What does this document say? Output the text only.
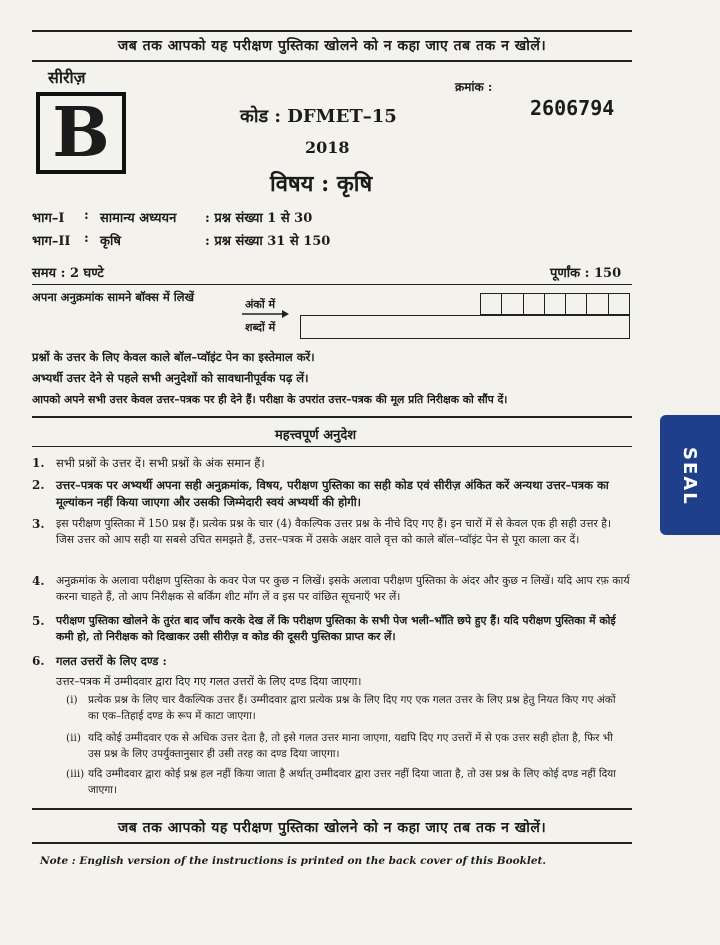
जब तक आपको यह परीक्षण पुस्तिका खोलने को न कहा जाए तब तक न खोलें।
सीरीज़
B
क्रमांक :
2606794
कोड : DFMET–15
2018
विषय : कृषि
भाग–I : सामान्य अध्ययन : प्रश्न संख्या 1 से 30
भाग–II : कृषि	: प्रश्न संख्या 31 से 150
समय : 2 घण्टे	पूर्णांक : 150
अपना अनुक्रमांक सामने बॉक्स में लिखें
अंकों में
शब्दों में
प्रश्नों के उत्तर के लिए केवल काले बॉल–प्वॉइंट पेन का इस्तेमाल करें।
अभ्यर्थी उत्तर देने से पहले सभी अनुदेशों को सावधानीपूर्वक पढ़ लें।
आपको अपने सभी उत्तर केवल उत्तर–पत्रक पर ही देने हैं। परीक्षा के उपरांत उत्तर–पत्रक की मूल प्रति निरीक्षक को सौंप दें।
महत्त्वपूर्ण अनुदेश
1. सभी प्रश्नों के उत्तर दें। सभी प्रश्नों के अंक समान हैं।
2. उत्तर–पत्रक पर अभ्यर्थी अपना सही अनुक्रमांक, विषय, परीक्षण पुस्तिका का सही कोड एवं सीरीज़ अंकित करें अन्यथा उत्तर–पत्रक का मूल्यांकन नहीं किया जाएगा और उसकी जिम्मेदारी स्वयं अभ्यर्थी की होगी।
3. इस परीक्षण पुस्तिका में 150 प्रश्न हैं। प्रत्येक प्रश्न के चार (4) वैकल्पिक उत्तर प्रश्न के नीचे दिए गए हैं। इन चारों में से केवल एक ही सही उत्तर है। जिस उत्तर को आप सही या सबसे उचित समझते हैं, उत्तर–पत्रक में उसके अक्षर वाले वृत्त को काले बॉल–प्वॉइंट पेन से पूरा काला कर दें।
4. अनुक्रमांक के अलावा परीक्षण पुस्तिका के कवर पेज पर कुछ न लिखें। इसके अलावा परीक्षण पुस्तिका के अंदर और कुछ न लिखें। यदि आप रफ़ कार्य करना चाहते हैं, तो आप निरीक्षक से बर्किंग शीट माँग लें व इस पर वांछित सूचनाएँ भर लें।
5. परीक्षण पुस्तिका खोलने के तुरंत बाद जाँच करके देख लें कि परीक्षण पुस्तिका के सभी पेज भली–भाँति छपे हुए हैं। यदि परीक्षण पुस्तिका में कोई कमी हो, तो निरीक्षक को दिखाकर उसी सीरीज़ व कोड की दूसरी पुस्तिका प्राप्त कर लें।
6. गलत उत्तरों के लिए दण्ड :
उत्तर–पत्रक में उम्मीदवार द्वारा दिए गए गलत उत्तरों के लिए दण्ड दिया जाएगा।
(i) प्रत्येक प्रश्न के लिए चार वैकल्पिक उत्तर हैं। उम्मीदवार द्वारा प्रत्येक प्रश्न के लिए दिए गए एक गलत उत्तर के लिए प्रश्न हेतु नियत किए गए अंकों का एक–तिहाई दण्ड के रूप में काटा जाएगा।
(ii) यदि कोई उम्मीदवार एक से अधिक उत्तर देता है, तो इसे गलत उत्तर माना जाएगा, यद्यपि दिए गए उत्तरों में से एक उत्तर सही होता है, फिर भी उस प्रश्न के लिए उपर्युक्तानुसार ही उसी तरह का दण्ड दिया जाएगा।
(iii) यदि उम्मीदवार द्वारा कोई प्रश्न हल नहीं किया जाता है अर्थात् उम्मीदवार द्वारा उत्तर नहीं दिया जाता है, तो उस प्रश्न के लिए कोई दण्ड नहीं दिया जाएगा।
जब तक आपको यह परीक्षण पुस्तिका खोलने को न कहा जाए तब तक न खोलें।
Note : English version of the instructions is printed on the back cover of this Booklet.
SEAL
